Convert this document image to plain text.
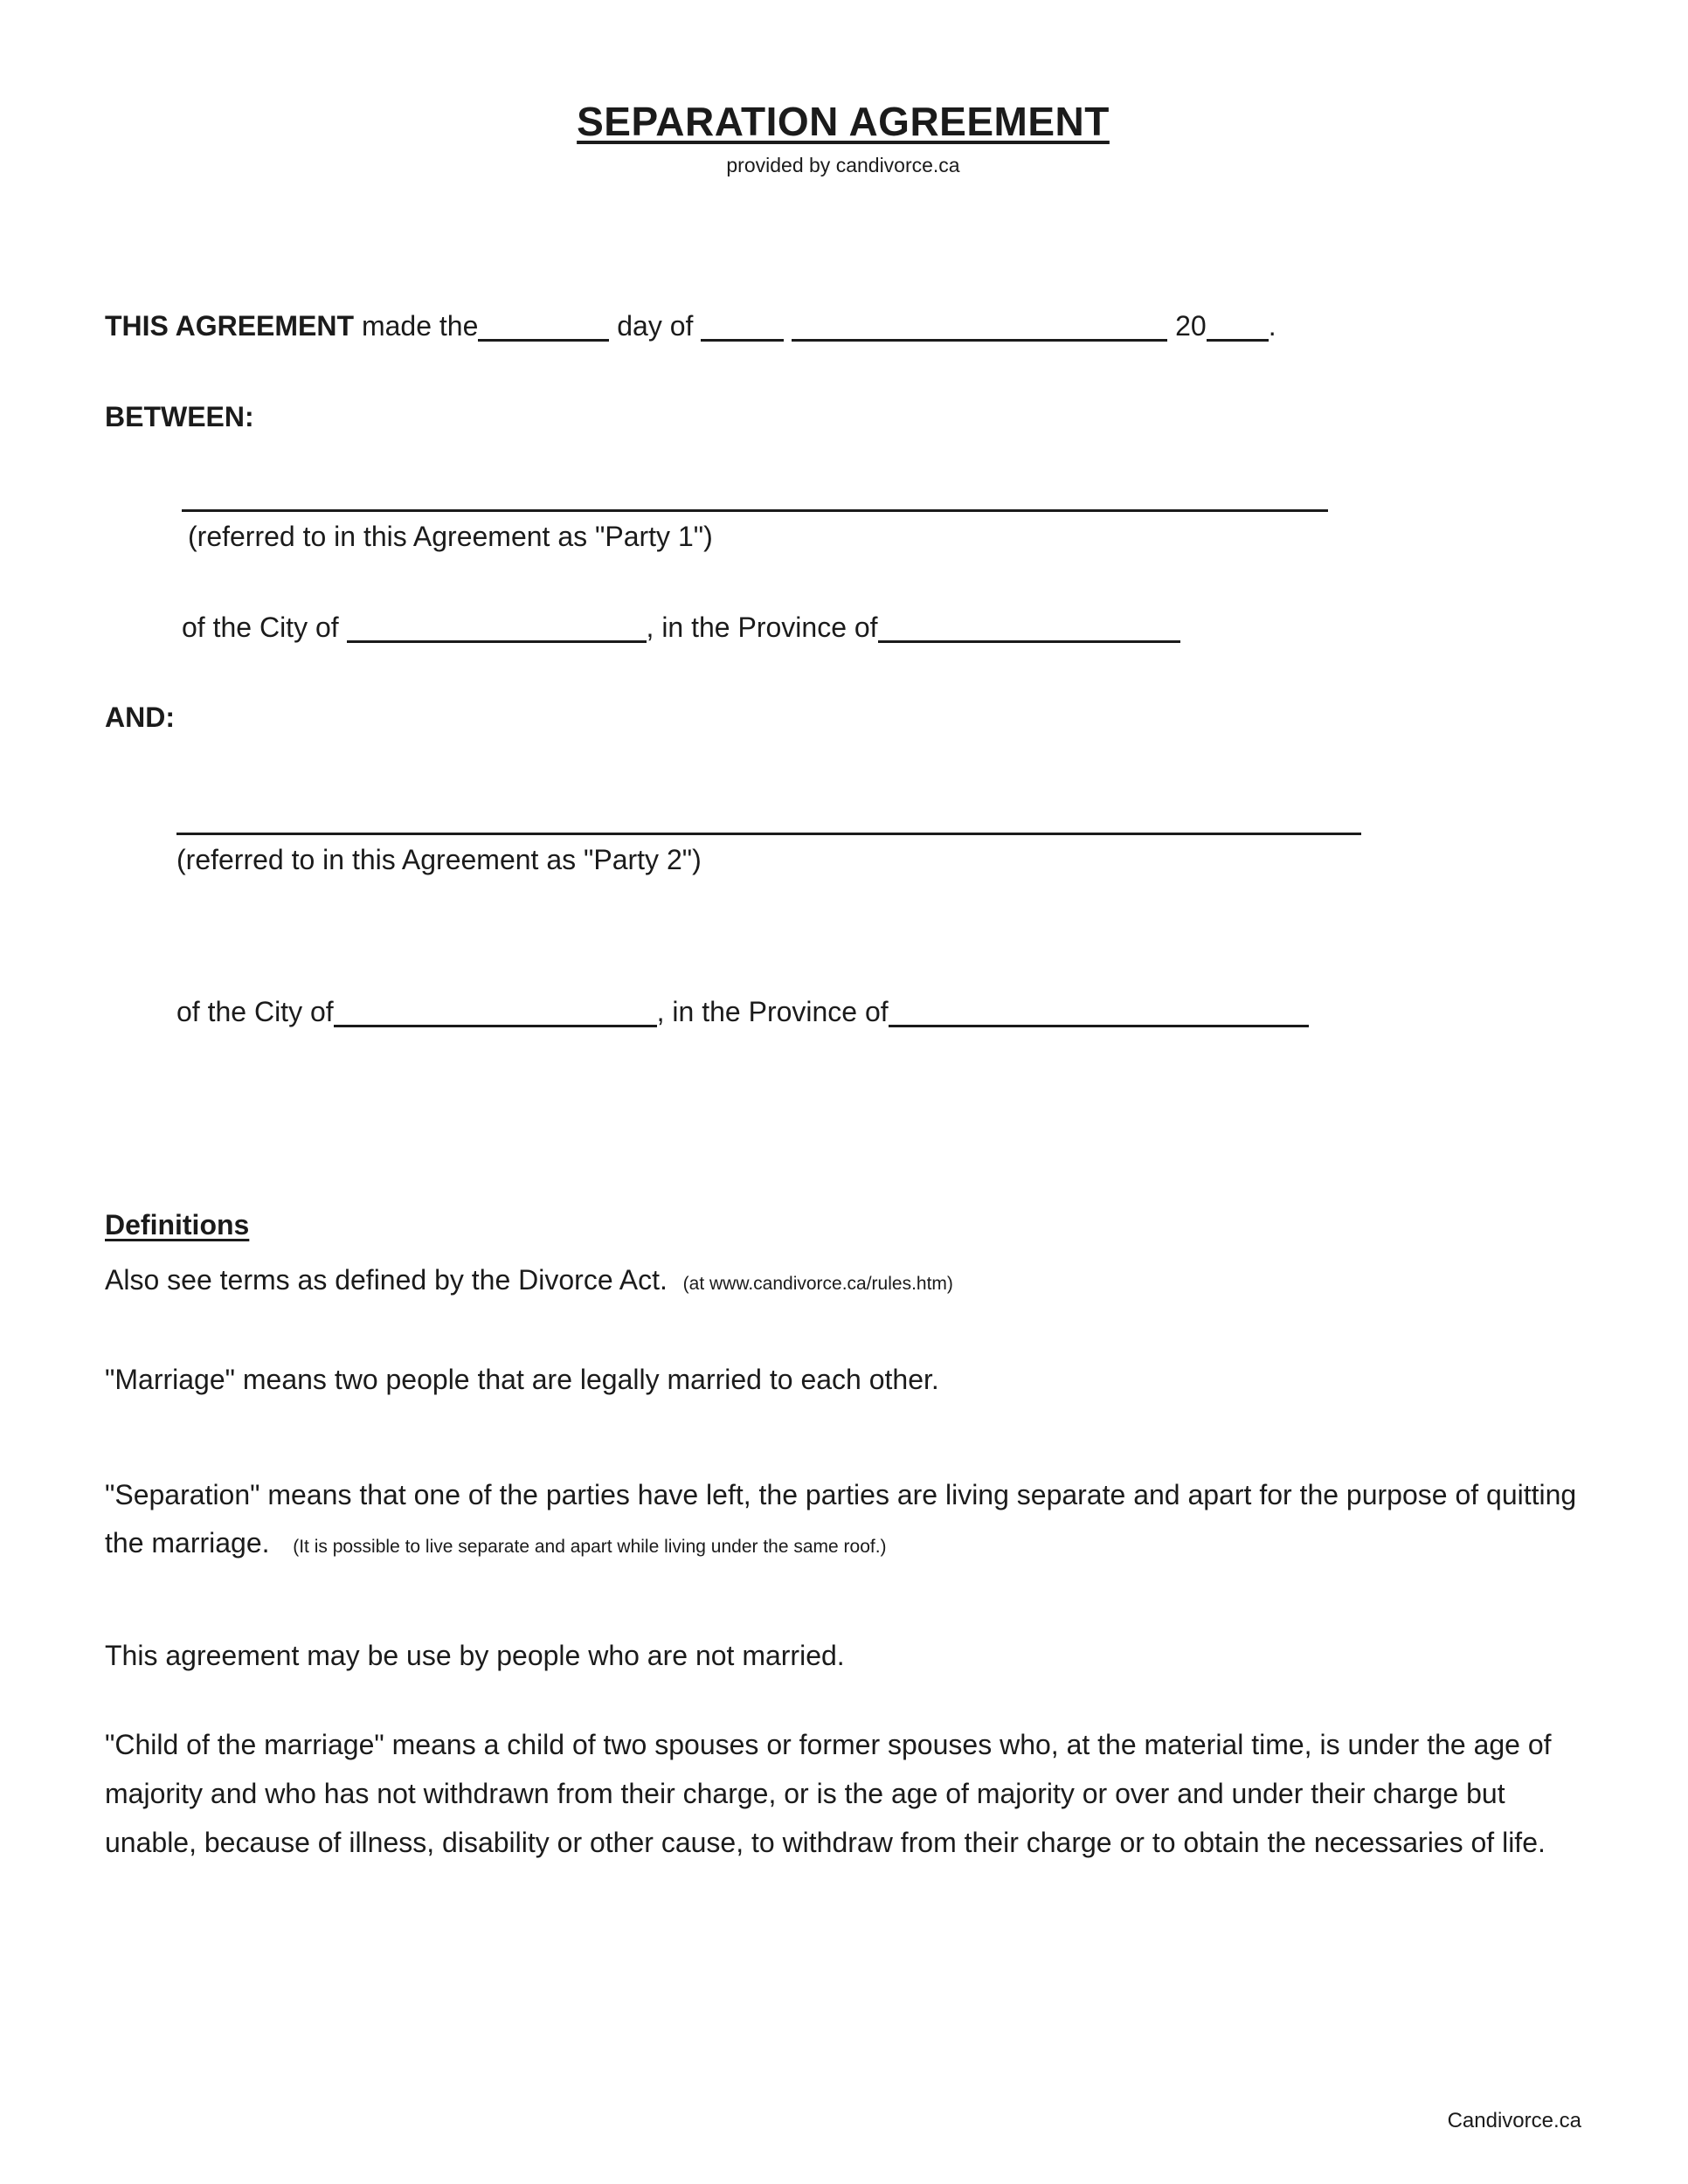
SEPARATION AGREEMENT
provided by candivorce.ca

THIS AGREEMENT made the	day of	20 .

BETWEEN:

(referred to in this Agreement as "Party 1")

of the City of	, in the Province of

AND:

(referred to in this Agreement as "Party 2")

of the City of	, in the Province of

Definitions

Also see terms as defined by the Divorce Act. (at www.candivorce.ca/rules.htm)

"Marriage" means two people that are legally married to each other.

"Separation" means that one of the parties have left, the parties are living separate and apart for the purpose of quitting the marriage. (It is possible to live separate and apart while living under the same roof.)

This agreement may be use by people who are not married.

"Child of the marriage" means a child of two spouses or former spouses who, at the material time, is under the age of majority and who has not withdrawn from their charge, or is the age of majority or over and under their charge but unable, because of illness, disability or other cause, to withdraw from their charge or to obtain the necessaries of life.

Candivorce.ca
